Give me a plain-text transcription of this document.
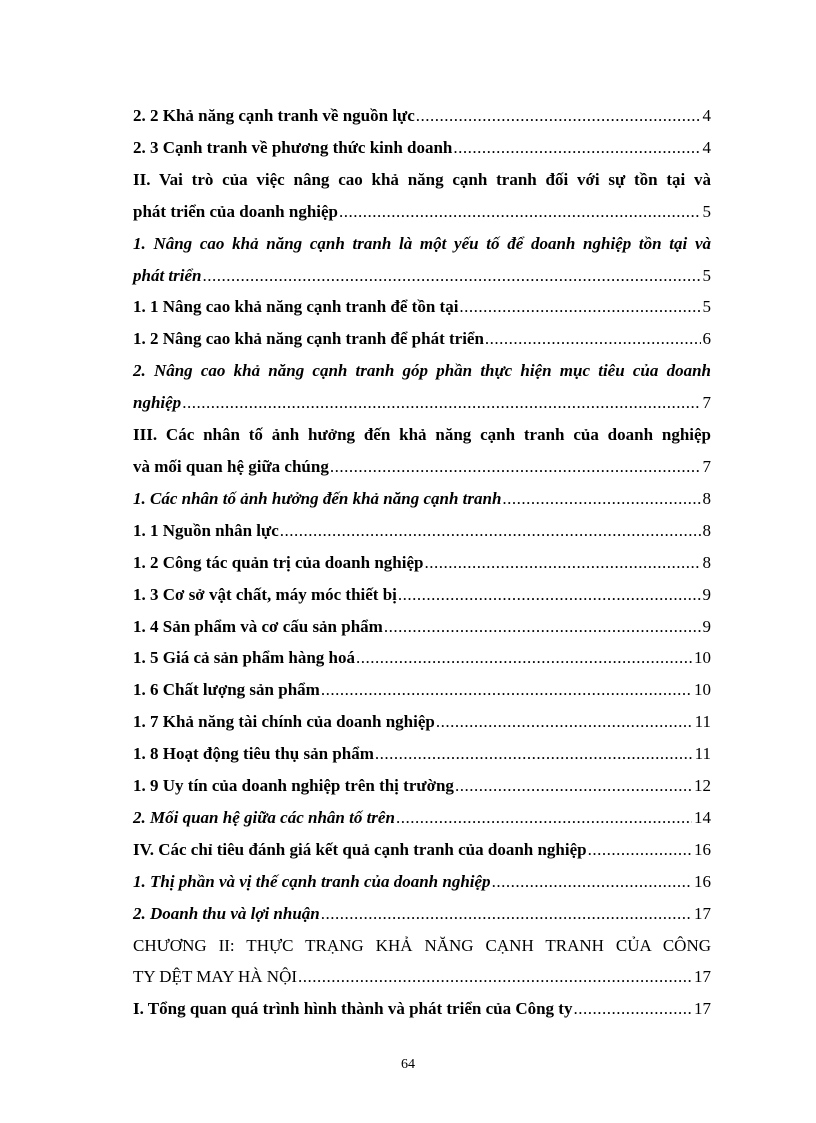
2. 2 Khả năng cạnh tranh về nguồn lực .....	4
2. 3 Cạnh tranh về phương thức kinh doanh .....	4
II. Vai trò của việc nâng cao khả năng cạnh tranh đối với sự tồn tại và
phát triển của doanh nghiệp .....	5
1. Nâng cao khả năng cạnh tranh là một yếu tố để doanh nghiệp tồn tại và
phát triển .....	5
1. 1 Nâng cao khả năng cạnh tranh để tồn tại .....	5
1. 2 Nâng cao khả năng cạnh tranh để phát triển .....	6
2. Nâng cao khả năng cạnh tranh góp phần thực hiện mục tiêu của doanh
nghiệp .....	7
III. Các nhân tố ảnh hưởng đến khả năng cạnh tranh của doanh nghiệp
và mối quan hệ giữa chúng .....	7
1. Các nhân tố ảnh hưởng đến khả năng cạnh tranh .....	8
1. 1 Nguồn nhân lực .....	8
1. 2 Công tác quản trị của doanh nghiệp .....	8
1. 3 Cơ sở vật chất, máy móc thiết bị .....	9
1. 4 Sản phẩm và cơ cấu sản phẩm .....	9
1. 5 Giá cả sản phẩm hàng hoá .....	10
1. 6 Chất lượng sản phẩm .....	10
1. 7 Khả năng tài chính của doanh nghiệp .....	11
1. 8 Hoạt động tiêu thụ sản phẩm .....	11
1. 9 Uy tín của doanh nghiệp trên thị trường .....	12
2. Mối quan hệ giữa các nhân tố trên .....	14
IV. Các chỉ tiêu đánh giá kết quả cạnh tranh của doanh nghiệp .....	16
1. Thị phần và vị thế cạnh tranh của doanh nghiệp .....	16
2. Doanh thu và lợi nhuận .....	17
CHƯƠNG II: THỰC TRẠNG KHẢ NĂNG CẠNH TRANH CỦA CÔNG
TY DỆT MAY HÀ NỘI .....	17
I. Tổng quan quá trình hình thành và phát triển của Công ty .....	17
64
